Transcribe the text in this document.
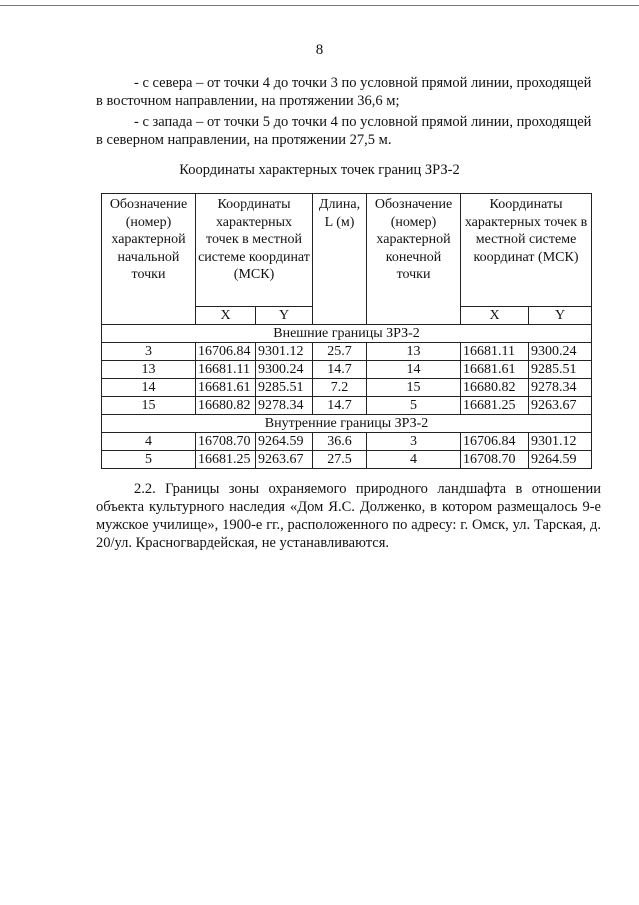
8

- с севера – от точки 4 до точки 3 по условной прямой линии, проходящей в восточном направлении, на протяжении 36,6 м;

- с запада – от точки 5 до точки 4 по условной прямой линии, проходящей в северном направлении, на протяжении 27,5 м.

Координаты характерных точек границ ЗРЗ-2
Обозначение (номер) характерной начальной точки	Координаты характерных точек в местной системе координат (МСК)		Длина, L (м)	Обозначение (номер) характерной конечной точки	Координаты характерных точек в местной системе координат (МСК)	
	X	Y			X	Y
Внешние границы ЗРЗ-2						
3	16706.84	9301.12	25.7	13	16681.11	9300.24
13	16681.11	9300.24	14.7	14	16681.61	9285.51
14	16681.61	9285.51	7.2	15	16680.82	9278.34
15	16680.82	9278.34	14.7	5	16681.25	9263.67
Внутренние границы ЗРЗ-2						
4	16708.70	9264.59	36.6	3	16706.84	9301.12
5	16681.25	9263.67	27.5	4	16708.70	9264.59

2.2. Границы зоны охраняемого природного ландшафта в отношении объекта культурного наследия «Дом Я.С. Долженко, в котором размещалось 9-е мужское училище», 1900-е гг., расположенного по адресу: г. Омск, ул. Тарская, д. 20/ул. Красногвардейская, не устанавливаются.
